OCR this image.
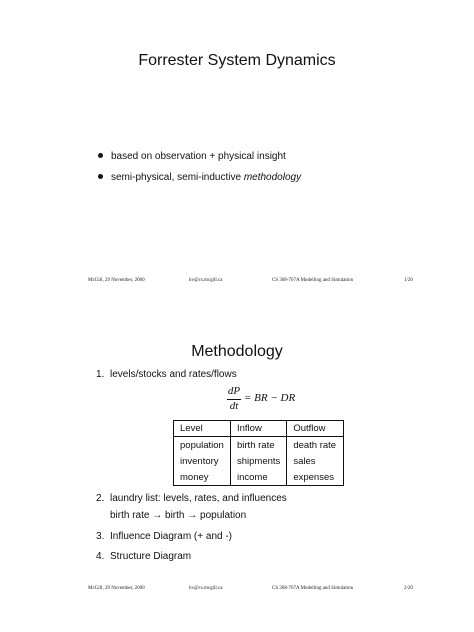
Forrester System Dynamics
based on observation + physical insight
semi-physical, semi-inductive methodology
McGill, 29 November, 2000	hv@cs.mcgill.ca	CS 308-767A Modelling and Simulation	1/20
Methodology
1. levels/stocks and rates/flows
dP
dt
= BR − DR
Level	Inflow	Outflow
population	birth rate	death rate
inventory	shipments	sales
money	income	expenses
2. laundry list: levels, rates, and influences
birth rate → birth → population
3. Influence Diagram (+ and -)
4. Structure Diagram
McGill, 29 November, 2000	hv@cs.mcgill.ca	CS 308-767A Modelling and Simulation	2/20
